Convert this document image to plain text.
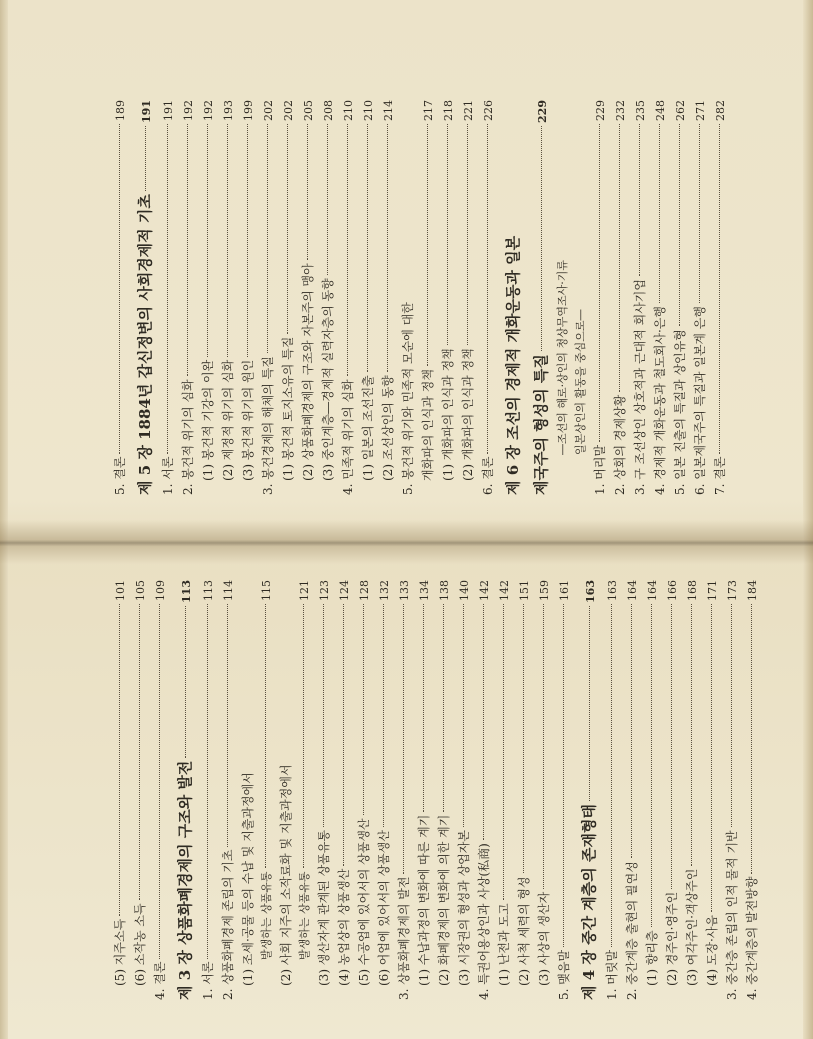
5. 결론
189
제 5 장 1884년 갑신정변의 사회경제적 기초
191
1. 서론
191
2. 봉건적 위기의 심화
192
(1) 봉건적 기강의 이완
192
(2) 제정적 위기의 심화
193
(3) 봉건적 위기의 원인
199
3. 봉건경제의 해체의 특질
202
(1) 봉건적 토지소유의 특질
202
(2) 상품화폐경제의 구조와 자본주의 맹아
205
(3) 중인계층―경제적 실력자층의 동향
208
4. 민족적 위기의 심화
210
(1) 일본의 조선진출
210
(2) 조선상인의 동향
214
5. 봉건적 위기와 민족적 모순에 대한 개화파의 인식과 정책
217
(1) 개화파의 인식과 정책
218
(2) 개화파의 인식과 정책
221
6. 결론
226
제 6 장 조선의 경제적 개화운동과 일본 제국주의 형성의 특질
229
―조선의 해로·상인의 청상무역조사·기류 일본상인의 활동을 중심으로―
1. 머리말
229
2. 상회의 경제상황
232
3. 구 조선상인 상호적과 근대적 회사기업
235
4. 경제적 개화운동과 철도회사·은행
248
5. 일본 진출의 특질과 상인유형
262
6. 일본제국주의 특질과 일본계 은행
271
7. 결론
282
(5) 지주소득
101
(6) 소작농 소득
105
4. 결론
109
제 3 장 상품화폐경제의 구조와 발전
113
1. 서론
113
2. 상품화폐경제 존립의 기초
114
(1) 조세·공물 등의 수납 및 지출과정에서 발생하는 상품유통
115
(2) 사회 지주의 소작료화 및 지출과정에서 발생하는 상품유통
121
(3) 생산자계 관계된 상품유통
123
(4) 농업상의 상품생산
124
(5) 수공업에 있어서의 상품생산
128
(6) 어업에 있어서의 상품생산
132
3. 상품화폐경제의 발전
133
(1) 수납과정의 변화에 따른 계기
134
(2) 화폐경제의 변화에 의한 계기
138
(3) 시장권의 형성과 상업자본
140
4. 특권어용상인과 사상(私商)
142
(1) 난전과 도고
142
(2) 사척 세력의 형성
151
(3) 사상의 생산자
159
5. 맺음말
161
제 4 장 중간 계층의 존재형태
163
1. 머릿말
163
2. 중간계층 출현의 필연성
164
(1) 향리층
164
(2) 경주인·영주인
166
(3) 여각주인·객상주인
168
(4) 도장·사음
171
3. 중간층 존립의 인적 물적 기반
173
4. 중간계층의 발전방향
184
